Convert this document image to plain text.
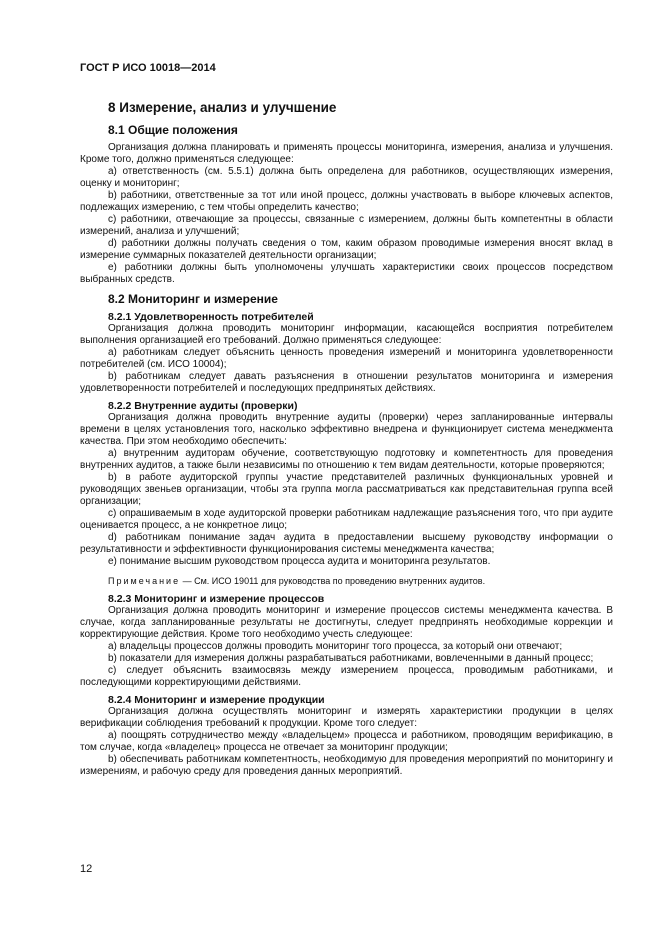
ГОСТ Р ИСО 10018—2014
8 Измерение, анализ и улучшение
8.1 Общие положения
Организация должна планировать и применять процессы мониторинга, измерения, анализа и улучшения. Кроме того, должно применяться следующее:
a) ответственность (см. 5.5.1) должна быть определена для работников, осуществляющих измерения, оценку и мониторинг;
b) работники, ответственные за тот или иной процесс, должны участвовать в выборе ключевых аспектов, подлежащих измерению, с тем чтобы определить качество;
c) работники, отвечающие за процессы, связанные с измерением, должны быть компетентны в области измерений, анализа и улучшений;
d) работники должны получать сведения о том, каким образом проводимые измерения вносят вклад в измерение суммарных показателей деятельности организации;
e) работники должны быть уполномочены улучшать характеристики своих процессов посредством выбранных средств.
8.2 Мониторинг и измерение
8.2.1 Удовлетворенность потребителей
Организация должна проводить мониторинг информации, касающейся восприятия потребителем выполнения организацией его требований. Должно применяться следующее:
a) работникам следует объяснить ценность проведения измерений и мониторинга удовлетворенности потребителей (см. ИСО 10004);
b) работникам следует давать разъяснения в отношении результатов мониторинга и измерения удовлетворенности потребителей и последующих предпринятых действиях.
8.2.2 Внутренние аудиты (проверки)
Организация должна проводить внутренние аудиты (проверки) через запланированные интервалы времени в целях установления того, насколько эффективно внедрена и функционирует система менеджмента качества. При этом необходимо обеспечить:
a) внутренним аудиторам обучение, соответствующую подготовку и компетентность для проведения внутренних аудитов, а также были независимы по отношению к тем видам деятельности, которые проверяются;
b) в работе аудиторской группы участие представителей различных функциональных уровней и руководящих звеньев организации, чтобы эта группа могла рассматриваться как представительная группа всей организации;
c) опрашиваемым в ходе аудиторской проверки работникам надлежащие разъяснения того, что при аудите оценивается процесс, а не конкретное лицо;
d) работникам понимание задач аудита в предоставлении высшему руководству информации о результативности и эффективности функционирования системы менеджмента качества;
e) понимание высшим руководством процесса аудита и мониторинга результатов.
Примечание — См. ИСО 19011 для руководства по проведению внутренних аудитов.
8.2.3 Мониторинг и измерение процессов
Организация должна проводить мониторинг и измерение процессов системы менеджмента качества. В случае, когда запланированные результаты не достигнуты, следует предпринять необходимые коррекции и корректирующие действия. Кроме того необходимо учесть следующее:
a) владельцы процессов должны проводить мониторинг того процесса, за который они отвечают;
b) показатели для измерения должны разрабатываться работниками, вовлеченными в данный процесс;
c) следует объяснить взаимосвязь между измерением процесса, проводимым работниками, и последующими корректирующими действиями.
8.2.4 Мониторинг и измерение продукции
Организация должна осуществлять мониторинг и измерять характеристики продукции в целях верификации соблюдения требований к продукции. Кроме того следует:
a) поощрять сотрудничество между «владельцем» процесса и работником, проводящим верификацию, в том случае, когда «владелец» процесса не отвечает за мониторинг продукции;
b) обеспечивать работникам компетентность, необходимую для проведения мероприятий по мониторингу и измерениям, и рабочую среду для проведения данных мероприятий.
12
